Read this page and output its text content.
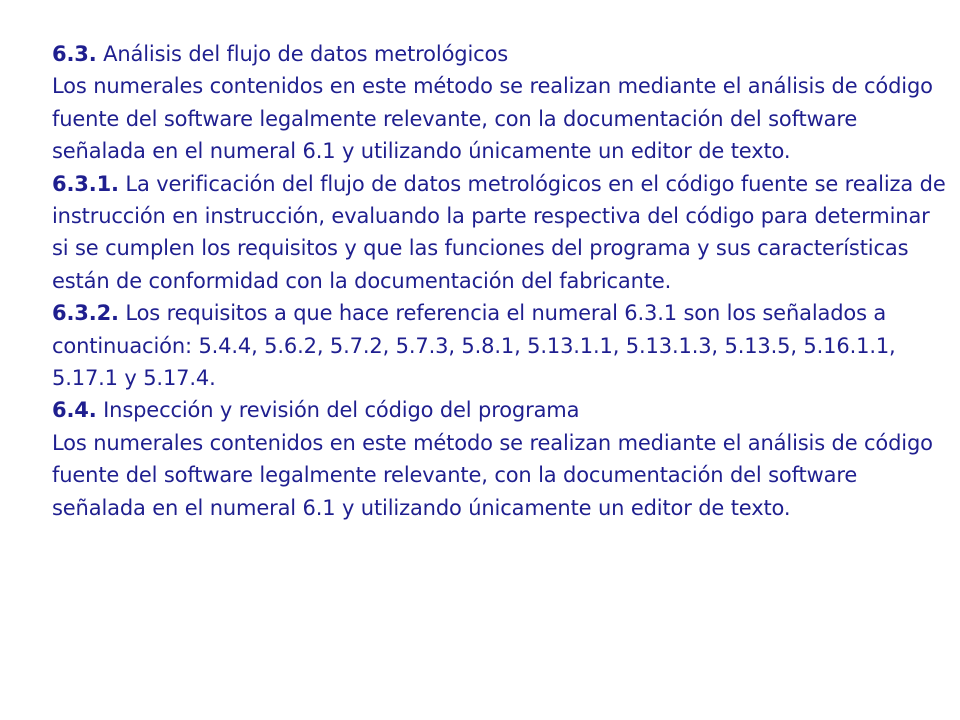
6.3. Análisis del flujo de datos metrológicos

Los numerales contenidos en este método se realizan mediante el análisis de código fuente del software legalmente relevante, con la documentación del software señalada en el numeral 6.1 y utilizando únicamente un editor de texto.

6.3.1. La verificación del flujo de datos metrológicos en el código fuente se realiza de instrucción en instrucción, evaluando la parte respectiva del código para determinar si se cumplen los requisitos y que las funciones del programa y sus características están de conformidad con la documentación del fabricante.

6.3.2. Los requisitos a que hace referencia el numeral 6.3.1 son los señalados a continuación: 5.4.4, 5.6.2, 5.7.2, 5.7.3, 5.8.1, 5.13.1.1, 5.13.1.3, 5.13.5, 5.16.1.1, 5.17.1 y 5.17.4.

6.4. Inspección y revisión del código del programa

Los numerales contenidos en este método se realizan mediante el análisis de código fuente del software legalmente relevante, con la documentación del software señalada en el numeral 6.1 y utilizando únicamente un editor de texto.
